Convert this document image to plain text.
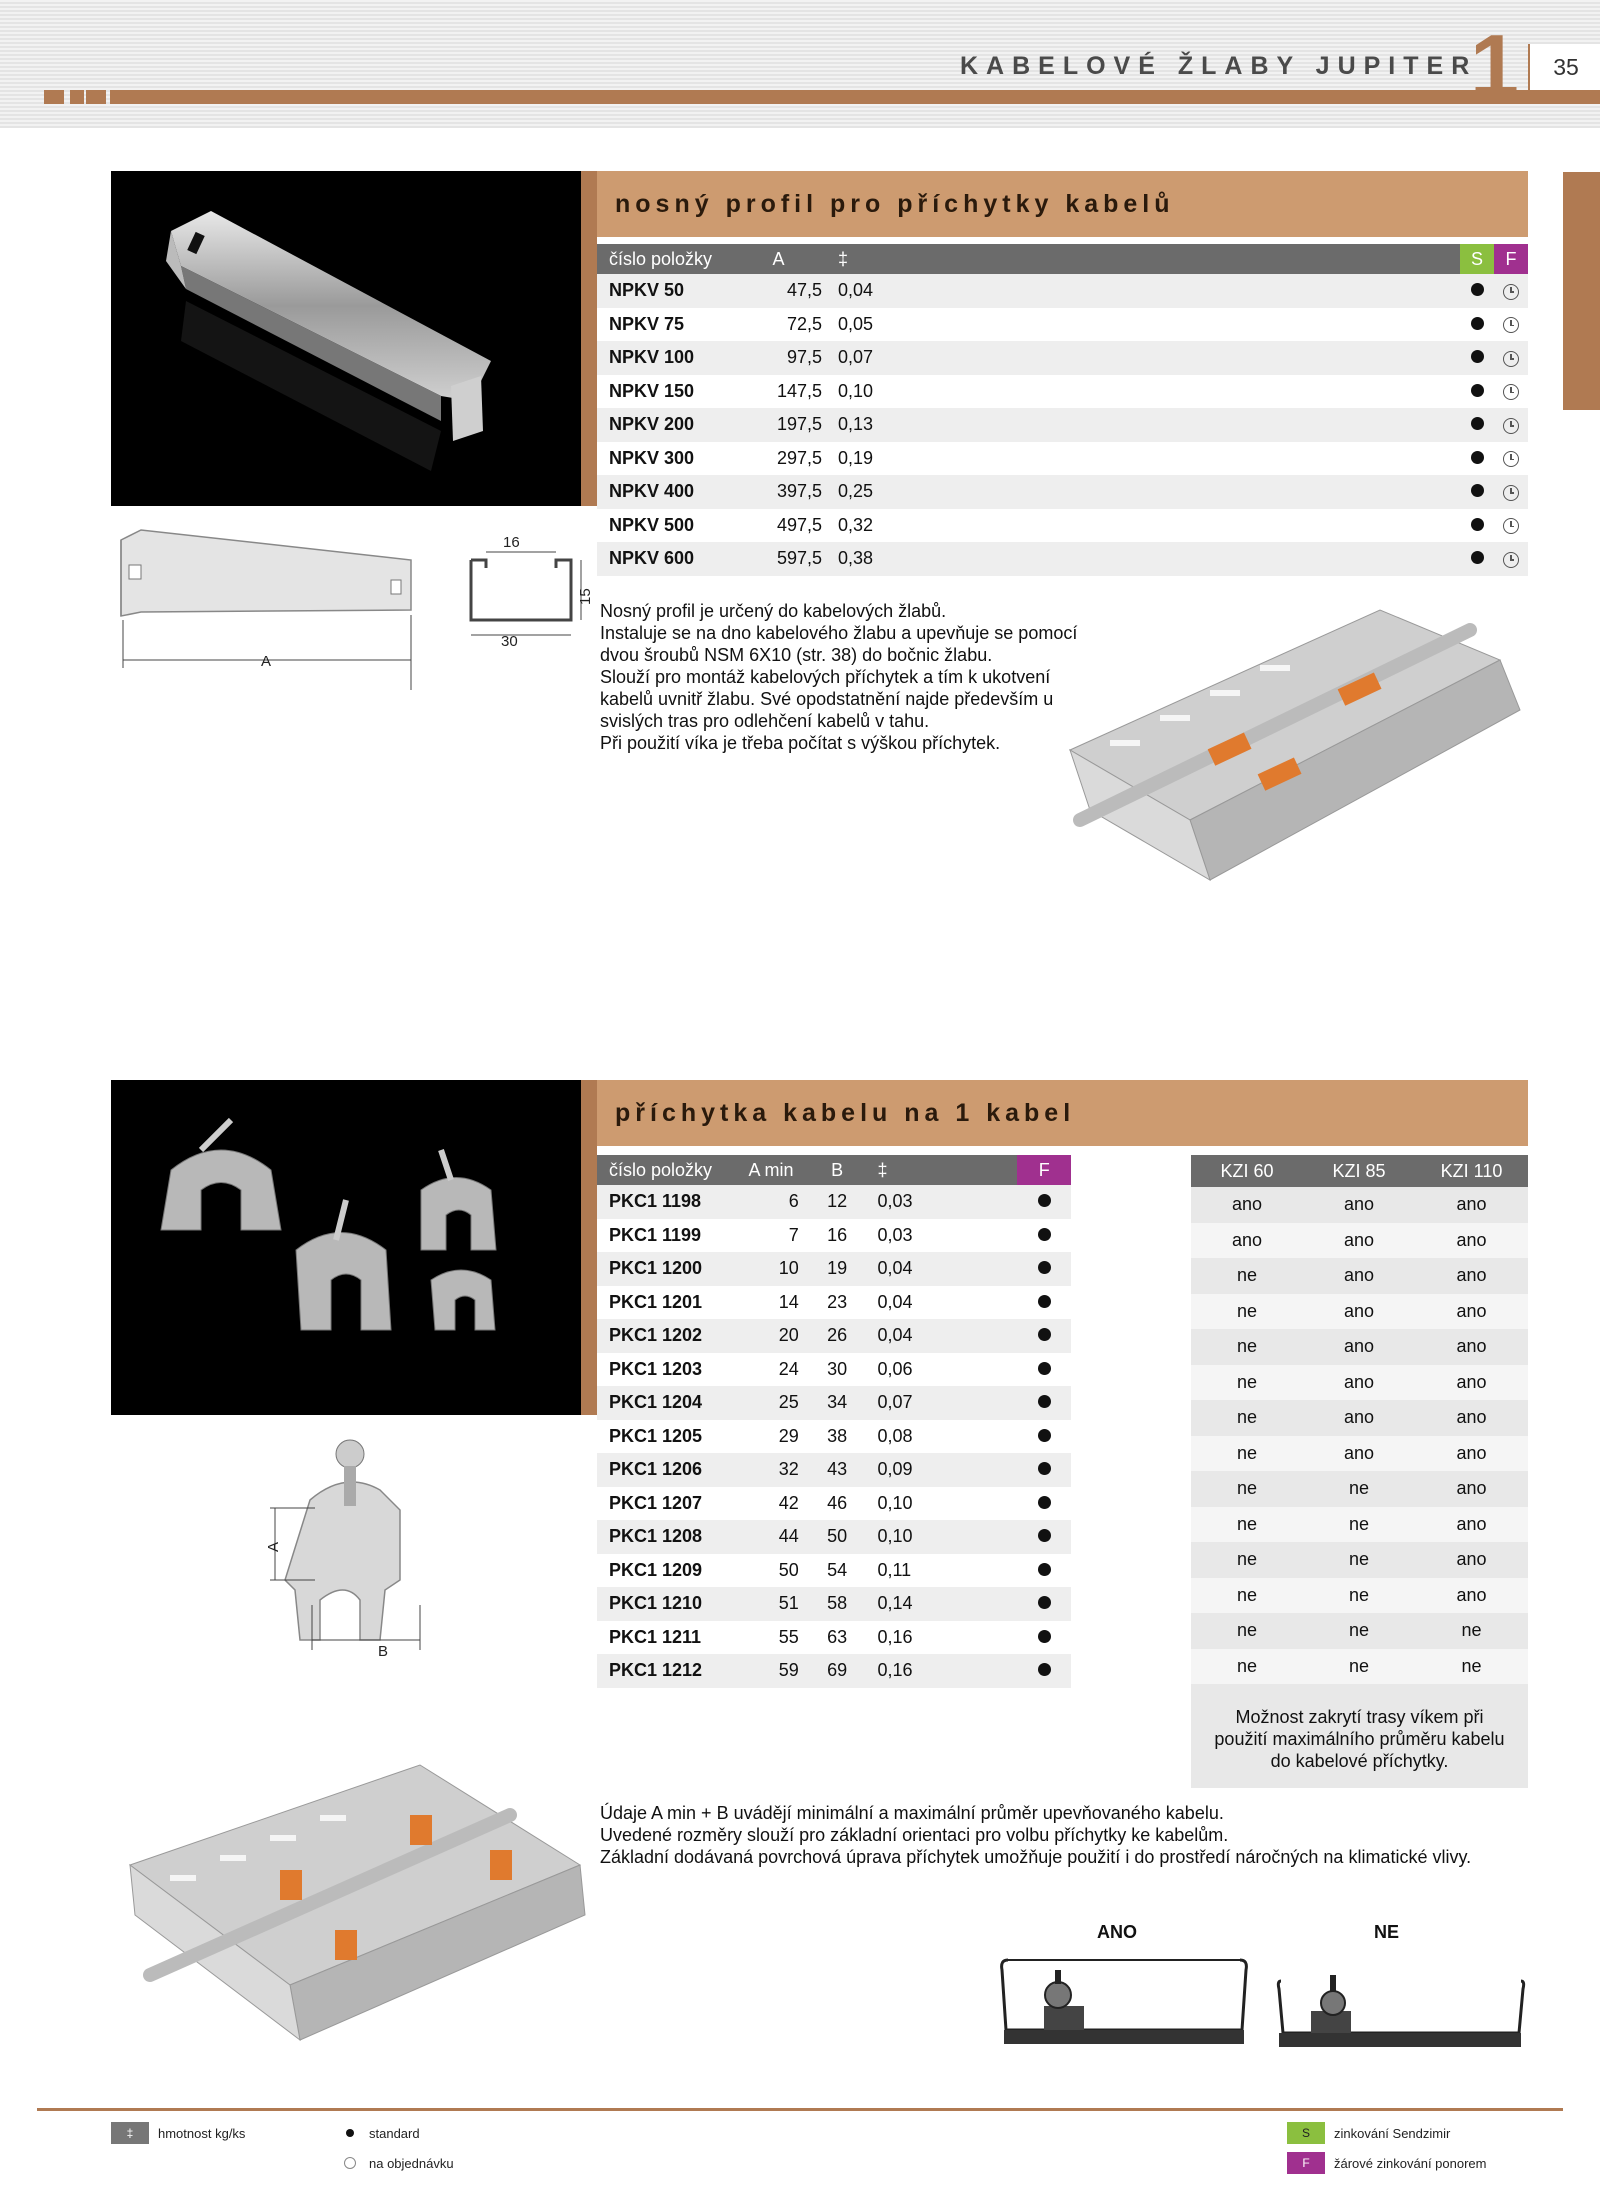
KABELOVÉ ŽLABY JUPITER
1	35
nosný profil pro příchytky kabelů
číslo položky	A	‡	S	F
NPKV 50	47,5	0,04		
NPKV 75	72,5	0,05		
NPKV 100	97,5	0,07		
NPKV 150	147,5	0,10		
NPKV 200	197,5	0,13		
NPKV 300	297,5	0,19		
NPKV 400	397,5	0,25		
NPKV 500	497,5	0,32		
NPKV 600	597,5	0,38		
A
16
30
15
Nosný profil je určený do kabelových žlabů.
Instaluje se na dno kabelového žlabu a upevňuje se pomocí
dvou šroubů NSM 6X10 (str. 38) do bočnic žlabu.
Slouží pro montáž kabelových příchytek a tím k ukotvení
kabelů uvnitř žlabu. Své opodstatnění najde především u
svislých tras pro odlehčení kabelů v tahu.
Při použití víka je třeba počítat s výškou příchytek.
příchytka kabelu na 1 kabel
číslo položky	A min	B	‡	F
PKC1 1198	6	12	0,03	
PKC1 1199	7	16	0,03	
PKC1 1200	10	19	0,04	
PKC1 1201	14	23	0,04	
PKC1 1202	20	26	0,04	
PKC1 1203	24	30	0,06	
PKC1 1204	25	34	0,07	
PKC1 1205	29	38	0,08	
PKC1 1206	32	43	0,09	
PKC1 1207	42	46	0,10	
PKC1 1208	44	50	0,10	
PKC1 1209	50	54	0,11	
PKC1 1210	51	58	0,14	
PKC1 1211	55	63	0,16	
PKC1 1212	59	69	0,16	
KZI 60	KZI 85	KZI 110
ano	ano	ano
ano	ano	ano
ne	ano	ano
ne	ano	ano
ne	ano	ano
ne	ano	ano
ne	ano	ano
ne	ano	ano
ne	ne	ano
ne	ne	ano
ne	ne	ano
ne	ne	ano
ne	ne	ne
ne	ne	ne

Možnost zakrytí trasy víkem při
použití maximálního průměru kabelu
do kabelové příchytky.
A
B
Údaje A min + B uvádějí minimální a maximální průměr upevňovaného kabelu.
Uvedené rozměry slouží pro základní orientaci pro volbu příchytky ke kabelům.
Základní dodávaná povrchová úprava příchytek umožňuje použití i do prostředí náročných na klimatické vlivy.
ANO	NE
‡	hmotnost kg/ks	standard
na objednávku
S	zinkování Sendzimir
F	žárové zinkování ponorem
